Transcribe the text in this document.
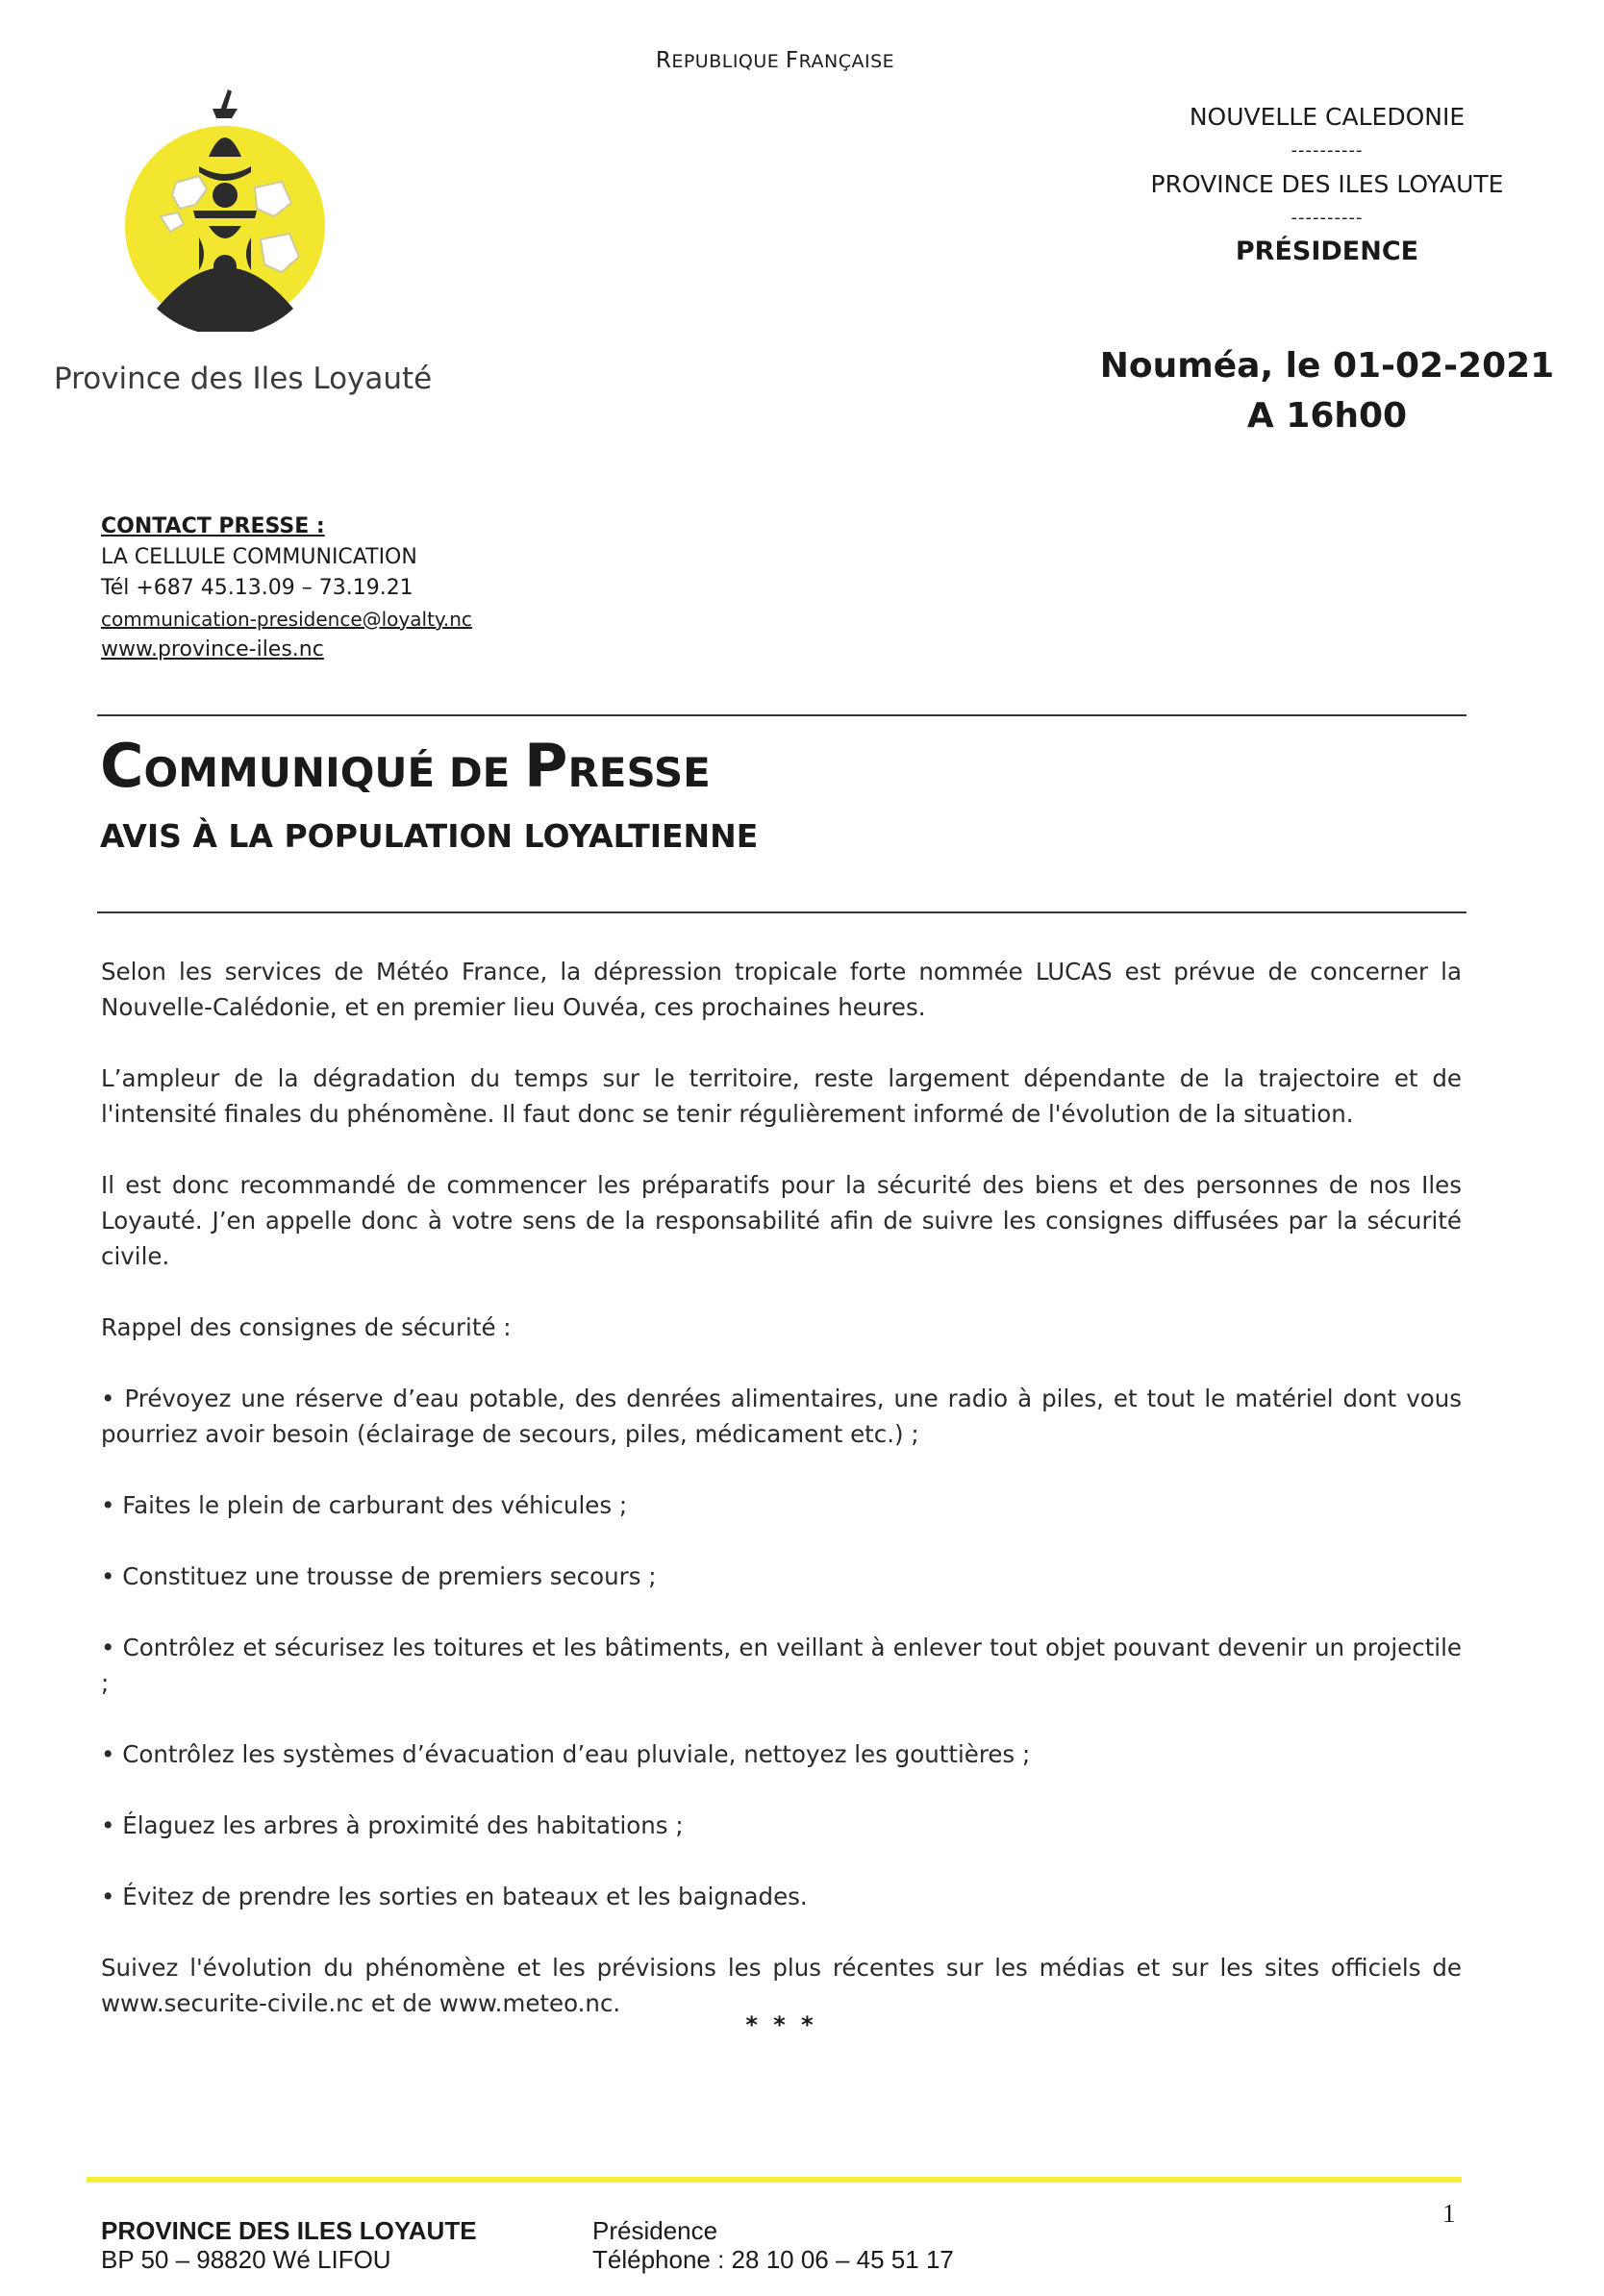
REPUBLIQUE FRANÇAISE
NOUVELLE CALEDONIE
----------
PROVINCE DES ILES LOYAUTE
----------
PRÉSIDENCE
Nouméa, le 01-02-2021
A 16h00
Province des Iles Loyauté
CONTACT PRESSE :
LA CELLULE COMMUNICATION
Tél +687 45.13.09 – 73.19.21
communication-presidence@loyalty.nc
www.province-iles.nc
COMMUNIQUÉ DE PRESSE
AVIS À LA POPULATION LOYALTIENNE

Selon les services de Météo France, la dépression tropicale forte nommée LUCAS est prévue de concerner la Nouvelle-Calédonie, et en premier lieu Ouvéa, ces prochaines heures.

L’ampleur de la dégradation du temps sur le territoire, reste largement dépendante de la trajectoire et de l'intensité finales du phénomène. Il faut donc se tenir régulièrement informé de l'évolution de la situation.

Il est donc recommandé de commencer les préparatifs pour la sécurité des biens et des personnes de nos Iles Loyauté. J’en appelle donc à votre sens de la responsabilité afin de suivre les consignes diffusées par la sécurité civile.

Rappel des consignes de sécurité :

• Prévoyez une réserve d’eau potable, des denrées alimentaires, une radio à piles, et tout le matériel dont vous pourriez avoir besoin (éclairage de secours, piles, médicament etc.) ;

• Faites le plein de carburant des véhicules ;

• Constituez une trousse de premiers secours ;

• Contrôlez et sécurisez les toitures et les bâtiments, en veillant à enlever tout objet pouvant devenir un projectile ;

• Contrôlez les systèmes d’évacuation d’eau pluviale, nettoyez les gouttières ;

• Élaguez les arbres à proximité des habitations ;

• Évitez de prendre les sorties en bateaux et les baignades.

Suivez l'évolution du phénomène et les prévisions les plus récentes sur les médias et sur les sites officiels de www.securite-civile.nc et de www.meteo.nc.

* * *
1
PROVINCE DES ILES LOYAUTE
BP 50 – 98820 Wé LIFOU
Présidence
Téléphone : 28 10 06 – 45 51 17
